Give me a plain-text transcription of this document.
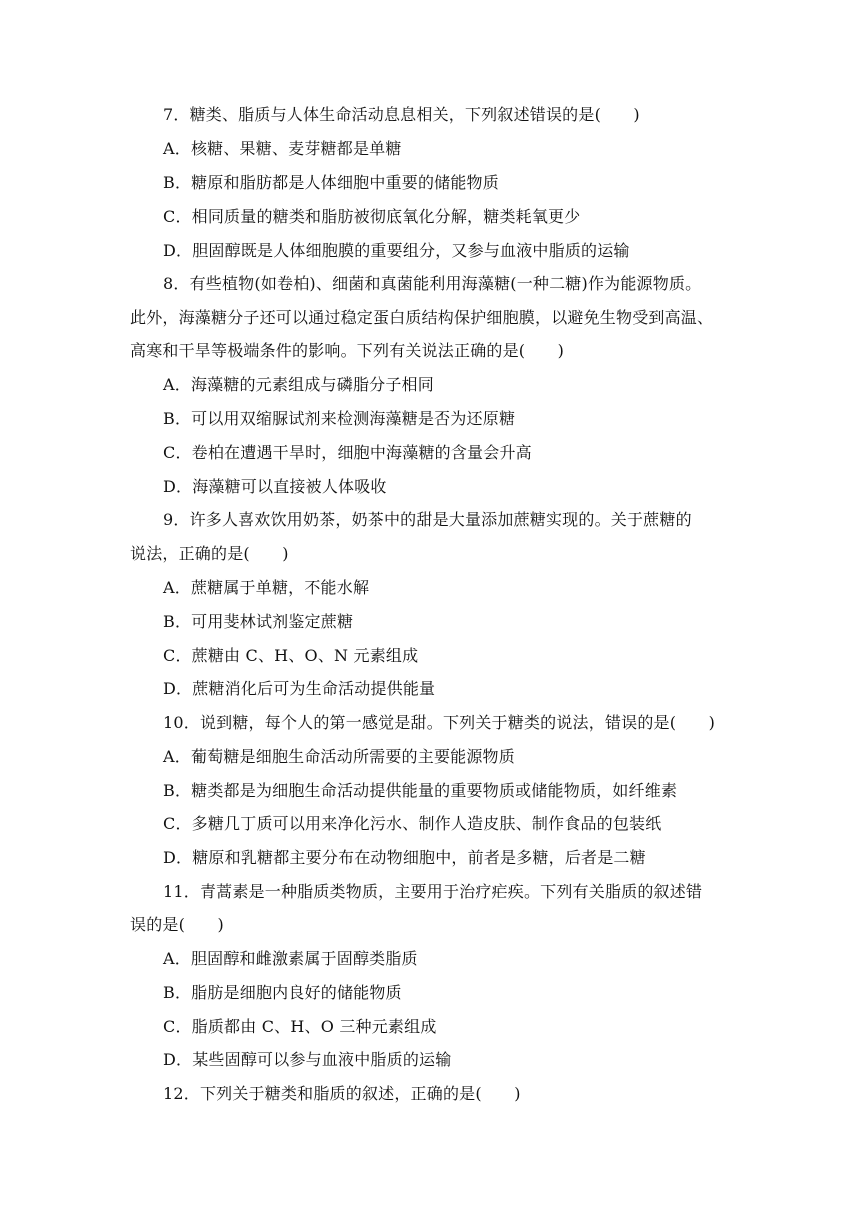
7．糖类、脂质与人体生命活动息息相关，下列叙述错误的是(　　)
A．核糖、果糖、麦芽糖都是单糖
B．糖原和脂肪都是人体细胞中重要的储能物质
C．相同质量的糖类和脂肪被彻底氧化分解，糖类耗氧更少
D．胆固醇既是人体细胞膜的重要组分，又参与血液中脂质的运输
8．有些植物(如卷柏)、细菌和真菌能利用海藻糖(一种二糖)作为能源物质。
此外，海藻糖分子还可以通过稳定蛋白质结构保护细胞膜，以避免生物受到高温、
高寒和干旱等极端条件的影响。下列有关说法正确的是(　　)
A．海藻糖的元素组成与磷脂分子相同
B．可以用双缩脲试剂来检测海藻糖是否为还原糖
C．卷柏在遭遇干旱时，细胞中海藻糖的含量会升高
D．海藻糖可以直接被人体吸收
9．许多人喜欢饮用奶茶，奶茶中的甜是大量添加蔗糖实现的。关于蔗糖的
说法，正确的是(　　)
A．蔗糖属于单糖，不能水解
B．可用斐林试剂鉴定蔗糖
C．蔗糖由 C、H、O、N 元素组成
D．蔗糖消化后可为生命活动提供能量
10．说到糖，每个人的第一感觉是甜。下列关于糖类的说法，错误的是(　　)
A．葡萄糖是细胞生命活动所需要的主要能源物质
B．糖类都是为细胞生命活动提供能量的重要物质或储能物质，如纤维素
C．多糖几丁质可以用来净化污水、制作人造皮肤、制作食品的包装纸
D．糖原和乳糖都主要分布在动物细胞中，前者是多糖，后者是二糖
11．青蒿素是一种脂质类物质，主要用于治疗疟疾。下列有关脂质的叙述错
误的是(　　)
A．胆固醇和雌激素属于固醇类脂质
B．脂肪是细胞内良好的储能物质
C．脂质都由 C、H、O 三种元素组成
D．某些固醇可以参与血液中脂质的运输
12．下列关于糖类和脂质的叙述，正确的是(　　)
